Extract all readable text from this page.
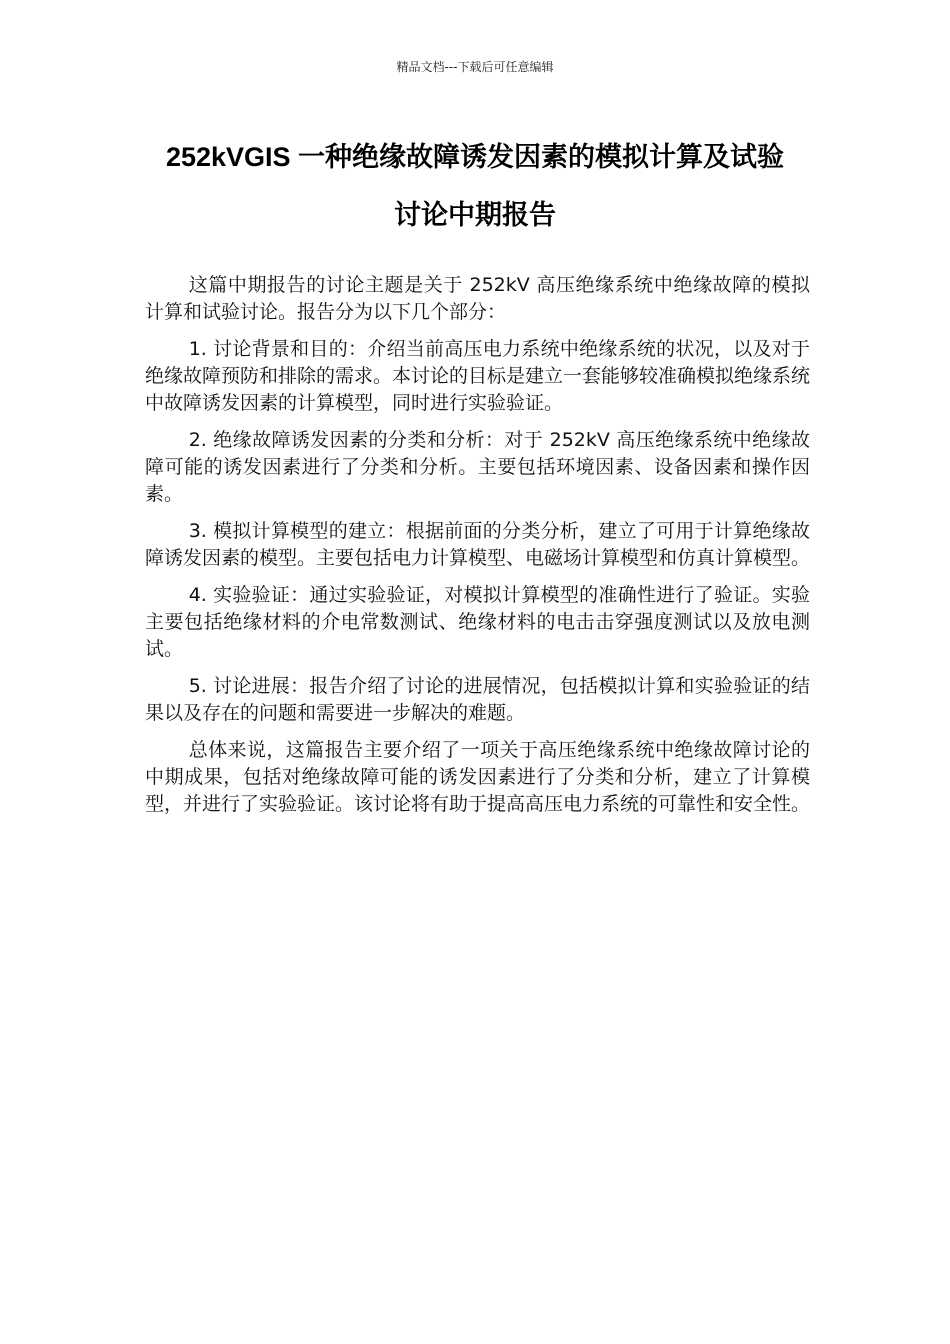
精品文档---下载后可任意编辑
252kVGIS 一种绝缘故障诱发因素的模拟计算及试验
讨论中期报告

这篇中期报告的讨论主题是关于 252kV 高压绝缘系统中绝缘故障的模拟计算和试验讨论。报告分为以下几个部分：

1. 讨论背景和目的：介绍当前高压电力系统中绝缘系统的状况，以及对于绝缘故障预防和排除的需求。本讨论的目标是建立一套能够较准确模拟绝缘系统中故障诱发因素的计算模型，同时进行实验验证。

2. 绝缘故障诱发因素的分类和分析：对于 252kV 高压绝缘系统中绝缘故障可能的诱发因素进行了分类和分析。主要包括环境因素、设备因素和操作因素。

3. 模拟计算模型的建立：根据前面的分类分析，建立了可用于计算绝缘故障诱发因素的模型。主要包括电力计算模型、电磁场计算模型和仿真计算模型。

4. 实验验证：通过实验验证，对模拟计算模型的准确性进行了验证。实验主要包括绝缘材料的介电常数测试、绝缘材料的电击击穿强度测试以及放电测试。

5. 讨论进展：报告介绍了讨论的进展情况，包括模拟计算和实验验证的结果以及存在的问题和需要进一步解决的难题。

总体来说，这篇报告主要介绍了一项关于高压绝缘系统中绝缘故障讨论的中期成果，包括对绝缘故障可能的诱发因素进行了分类和分析，建立了计算模型，并进行了实验验证。该讨论将有助于提高高压电力系统的可靠性和安全性。
